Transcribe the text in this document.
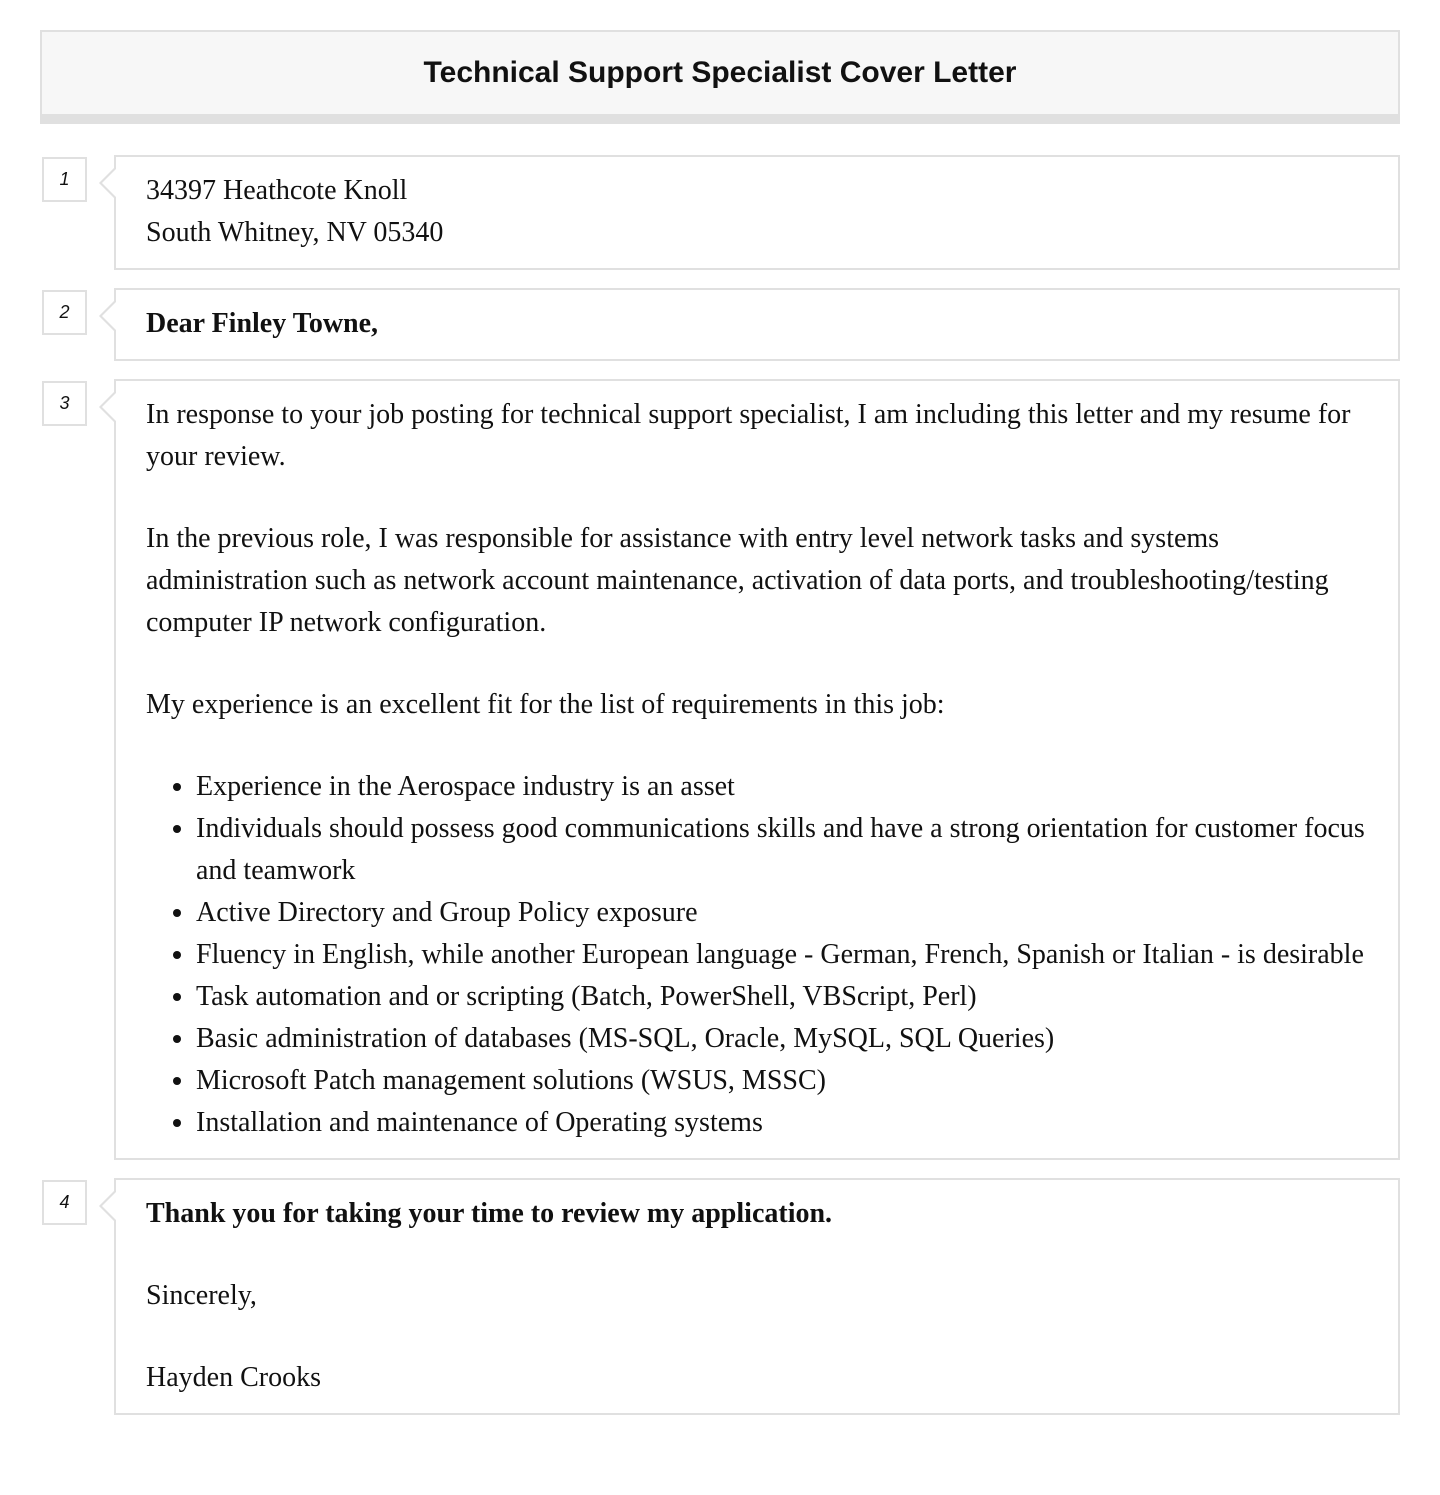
Technical Support Specialist Cover Letter
1	34397 Heathcote Knoll
South Whitney, NV 05340
2	Dear Finley Towne,
3	In response to your job posting for technical support specialist, I am including this letter and my resume for your review.

In the previous role, I was responsible for assistance with entry level network tasks and systems administration such as network account maintenance, activation of data ports, and troubleshooting/testing computer IP network configuration.

My experience is an excellent fit for the list of requirements in this job:

• Experience in the Aerospace industry is an asset
• Individuals should possess good communications skills and have a strong orientation for customer focus and teamwork
• Active Directory and Group Policy exposure
• Fluency in English, while another European language - German, French, Spanish or Italian - is desirable
• Task automation and or scripting (Batch, PowerShell, VBScript, Perl)
• Basic administration of databases (MS-SQL, Oracle, MySQL, SQL Queries)
• Microsoft Patch management solutions (WSUS, MSSC)
• Installation and maintenance of Operating systems
4	Thank you for taking your time to review my application.

Sincerely,

Hayden Crooks
